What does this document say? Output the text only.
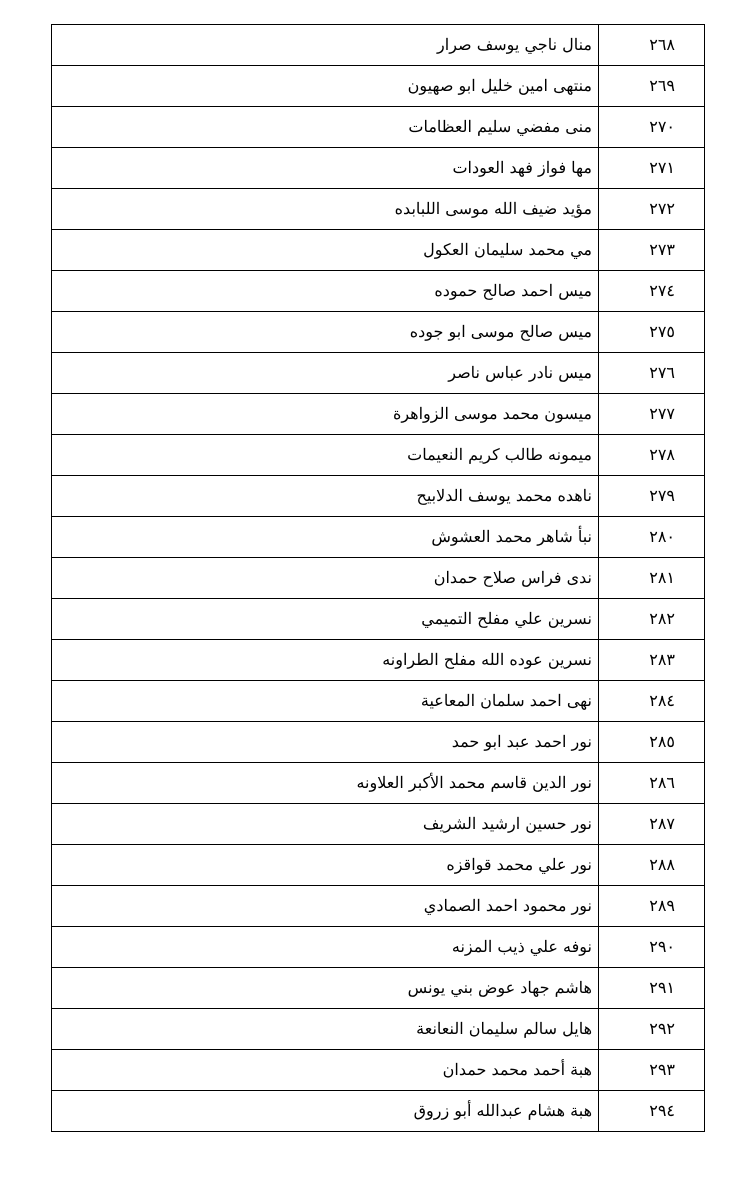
٢٦٨	منال ناجي يوسف صرار
٢٦٩	منتهى امين خليل ابو صهيون
٢٧٠	منى مفضي سليم العظامات
٢٧١	مها فواز فهد العودات
٢٧٢	مؤيد ضيف الله موسى اللبابده
٢٧٣	مي محمد سليمان العكول
٢٧٤	ميس احمد صالح حموده
٢٧٥	ميس صالح موسى ابو جوده
٢٧٦	ميس نادر عباس ناصر
٢٧٧	ميسون محمد موسى الزواهرة
٢٧٨	ميمونه طالب كريم النعيمات
٢٧٩	ناهده محمد يوسف الدلابيح
٢٨٠	نبأ شاهر محمد العشوش
٢٨١	ندى فراس صلاح حمدان
٢٨٢	نسرين علي مفلح التميمي
٢٨٣	نسرين عوده الله مفلح الطراونه
٢٨٤	نهى احمد سلمان المعاعية
٢٨٥	نور احمد عبد ابو حمد
٢٨٦	نور الدين قاسم محمد الأكبر العلاونه
٢٨٧	نور حسين ارشيد الشريف
٢٨٨	نور علي محمد قواقزه
٢٨٩	نور محمود احمد الصمادي
٢٩٠	نوفه علي ذيب المزنه
٢٩١	هاشم جهاد عوض بني يونس
٢٩٢	هايل سالم سليمان النعانعة
٢٩٣	هبة أحمد محمد حمدان
٢٩٤	هبة هشام عبدالله أبو زروق
